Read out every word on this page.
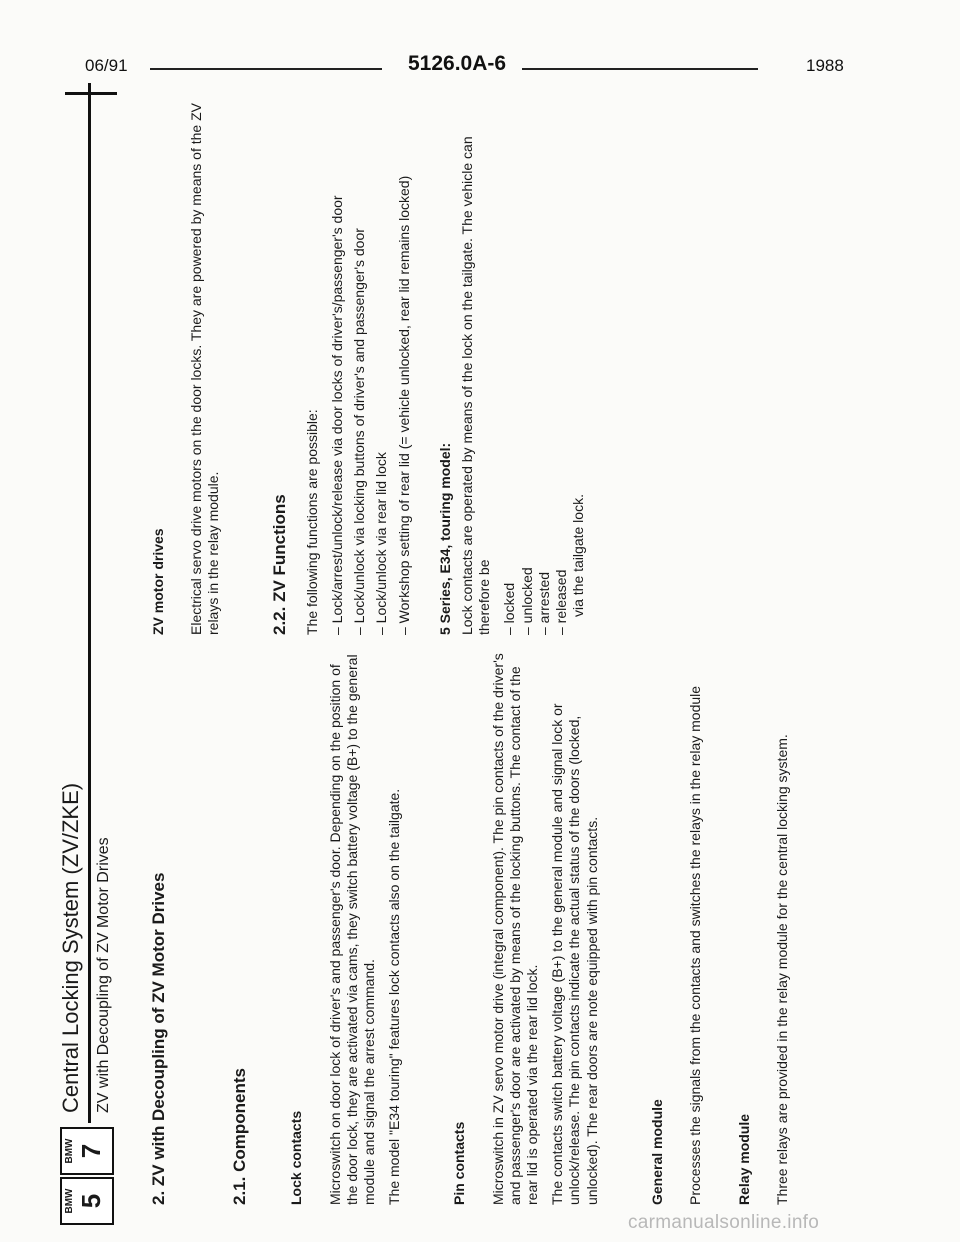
06/91	5126.0A-6	1988
BMW 5
BMW 7
Central Locking System (ZV/ZKE) ZV with Decoupling of ZV Motor Drives 2. ZV with Decoupling of ZV Motor Drives	2.1. Components	Lock contacts Microswitch on door lock of driver's and passenger's door. Depending on the position of the door lock, they are activated via cams, they switch battery voltage (B+) to the general module and signal the arrest command. The model "E34 touring" features lock contacts also on the tailgate.	Pin contacts Microswitch in ZV servo motor drive (integral component). The pin contacts of the driver's and passenger's door are activated by means of the locking buttons. The contact of the rear lid is operated via the rear lid lock. The contacts switch battery voltage (B+) to the general module and signal lock or unlock/release. The pin contacts indicate the actual status of the doors (locked, unlocked). The rear doors are note equipped with pin contacts.	General module Processes the signals from the contacts and switches the relays in the relay module Relay module Three relays are provided in the relay module for the central locking system.

ZV motor drives Electrical servo drive motors on the door locks. They are powered by means of the ZV relays in the relay module.	2.2. ZV Functions The following functions are possible: – Lock/arrest/unlock/release via door locks of driver's/passenger's door – Lock/unlock via locking buttons of driver's and passenger's door – Lock/unlock via rear lid lock – Workshop setting of rear lid (= vehicle unlocked, rear lid remains locked) 5 Series, E34, touring model: Lock contacts are operated by means of the lock on the tailgate. The vehicle can therefore be – locked – unlocked – arrested – released via the tailgate lock.

carmanualsonline.info
